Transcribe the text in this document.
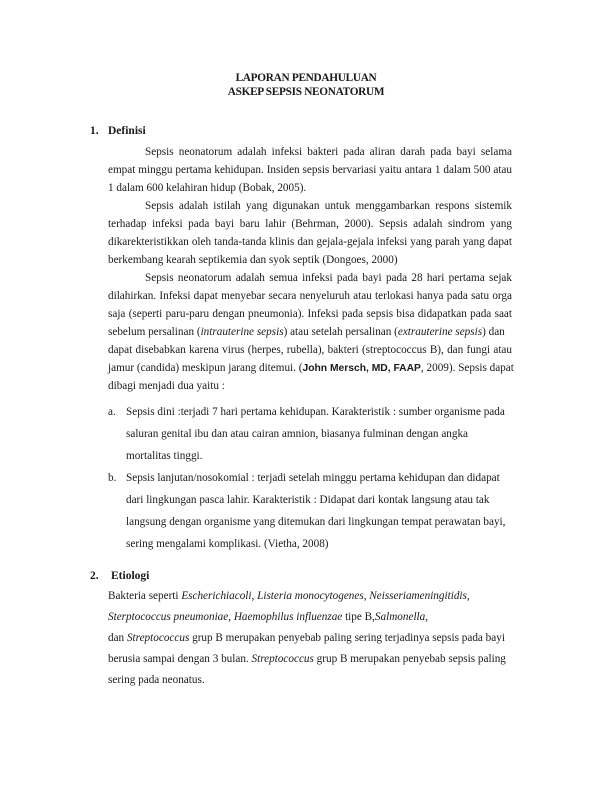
LAPORAN PENDAHULUAN
ASKEP SEPSIS NEONATORUM
1. Definisi
Sepsis neonatorum adalah infeksi bakteri pada aliran darah pada bayi selama
empat minggu pertama kehidupan. Insiden sepsis bervariasi yaitu antara 1 dalam 500 atau
1 dalam 600 kelahiran hidup (Bobak, 2005).
Sepsis adalah istilah yang digunakan untuk menggambarkan respons sistemik
terhadap infeksi pada bayi baru lahir (Behrman, 2000). Sepsis adalah sindrom yang
dikarekteristikkan oleh tanda-tanda klinis dan gejala-gejala infeksi yang parah yang dapat
berkembang kearah septikemia dan syok septik (Dongoes, 2000)
Sepsis neonatorum adalah semua infeksi pada bayi pada 28 hari pertama sejak
dilahirkan. Infeksi dapat menyebar secara nenyeluruh atau terlokasi hanya pada satu orga
saja (seperti paru-paru dengan pneumonia). Infeksi pada sepsis bisa didapatkan pada saat
sebelum persalinan (intrauterine sepsis) atau setelah persalinan (extrauterine sepsis) dan
dapat disebabkan karena virus (herpes, rubella), bakteri (streptococcus B), dan fungi atau
jamur (candida) meskipun jarang ditemui. (John Mersch, MD, FAAP, 2009). Sepsis dapat
dibagi menjadi dua yaitu :
a. Sepsis dini :terjadi 7 hari pertama kehidupan. Karakteristik : sumber organisme pada
saluran genital ibu dan atau cairan amnion, biasanya fulminan dengan angka
mortalitas tinggi.
b. Sepsis lanjutan/nosokomial : terjadi setelah minggu pertama kehidupan dan didapat
dari lingkungan pasca lahir. Karakteristik : Didapat dari kontak langsung atau tak
langsung dengan organisme yang ditemukan dari lingkungan tempat perawatan bayi,
sering mengalami komplikasi. (Vietha, 2008)
2. Etiologi
Bakteria seperti Escherichiacoli, Listeria monocytogenes, Neisseriameningitidis,
Sterptococcus pneumoniae, Haemophilus influenzae tipe B,Salmonella,
dan Streptococcus grup B merupakan penyebab paling sering terjadinya sepsis pada bayi
berusia sampai dengan 3 bulan. Streptococcus grup B merupakan penyebab sepsis paling
sering pada neonatus.
